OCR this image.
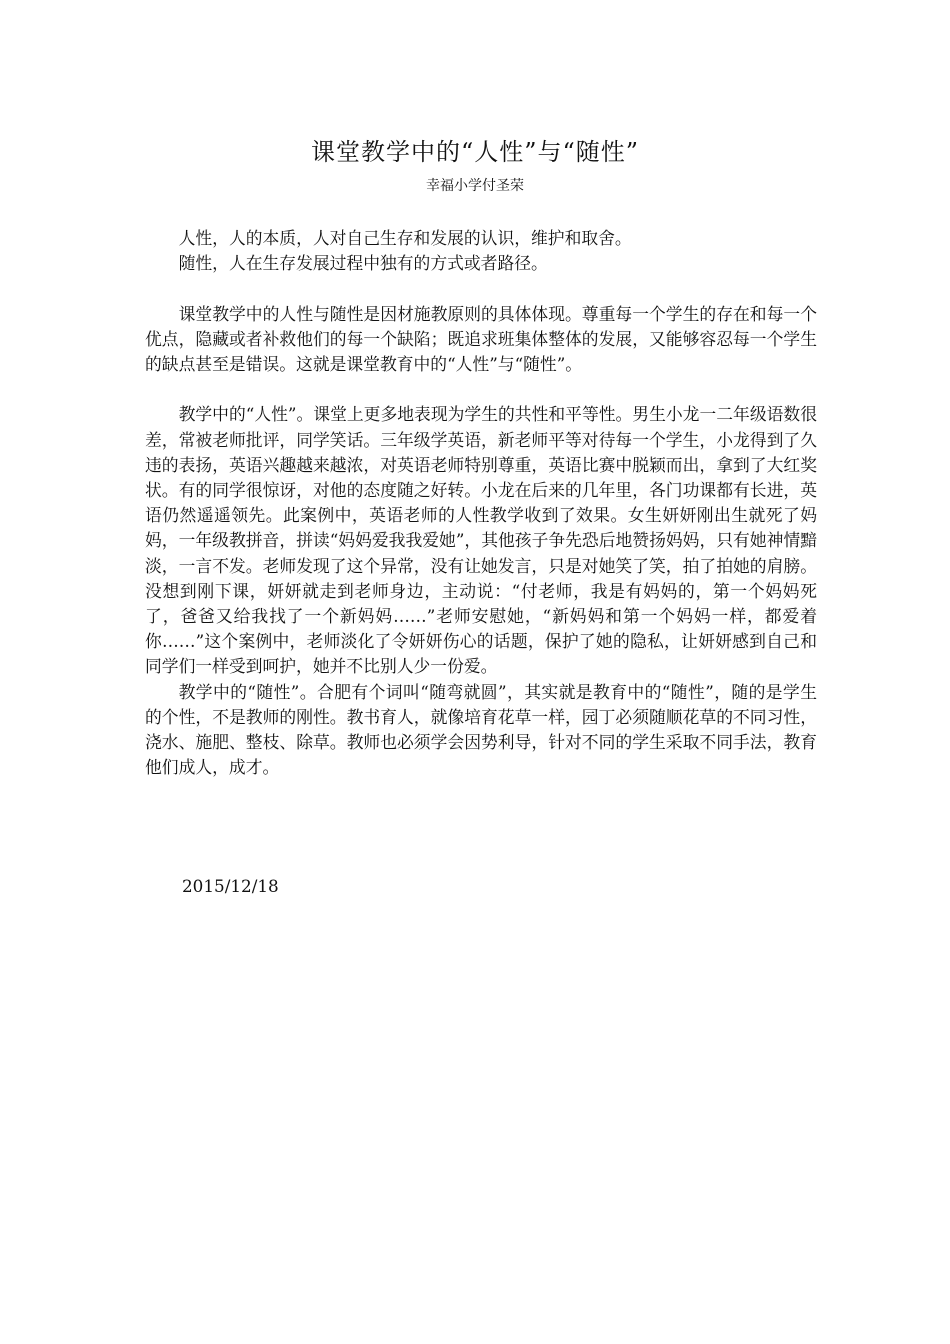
课堂教学中的“人性”与“随性”
幸福小学付圣荣

人性，人的本质，人对自己生存和发展的认识，维护和取舍。

随性，人在生存发展过程中独有的方式或者路径。

课堂教学中的人性与随性是因材施教原则的具体体现。尊重每一个学生的存在和每一个优点，隐藏或者补救他们的每一个缺陷；既追求班集体整体的发展，又能够容忍每一个学生的缺点甚至是错误。这就是课堂教育中的“人性”与“随性”。

教学中的“人性”。课堂上更多地表现为学生的共性和平等性。男生小龙一二年级语数很差，常被老师批评，同学笑话。三年级学英语，新老师平等对待每一个学生，小龙得到了久违的表扬，英语兴趣越来越浓，对英语老师特别尊重，英语比赛中脱颖而出，拿到了大红奖状。有的同学很惊讶，对他的态度随之好转。小龙在后来的几年里，各门功课都有长进，英语仍然遥遥领先。此案例中，英语老师的人性教学收到了效果。女生妍妍刚出生就死了妈妈，一年级教拼音，拼读“妈妈爱我我爱她”，其他孩子争先恐后地赞扬妈妈，只有她神情黯淡，一言不发。老师发现了这个异常，没有让她发言，只是对她笑了笑，拍了拍她的肩膀。没想到刚下课，妍妍就走到老师身边，主动说：“付老师，我是有妈妈的，第一个妈妈死了，爸爸又给我找了一个新妈妈……”老师安慰她，“新妈妈和第一个妈妈一样，都爱着你……”这个案例中，老师淡化了令妍妍伤心的话题，保护了她的隐私，让妍妍感到自己和同学们一样受到呵护，她并不比别人少一份爱。

教学中的“随性”。合肥有个词叫“随弯就圆”，其实就是教育中的“随性”，随的是学生的个性，不是教师的刚性。教书育人，就像培育花草一样，园丁必须随顺花草的不同习性，浇水、施肥、整枝、除草。教师也必须学会因势利导，针对不同的学生采取不同手法，教育他们成人，成才。

2015/12/18
